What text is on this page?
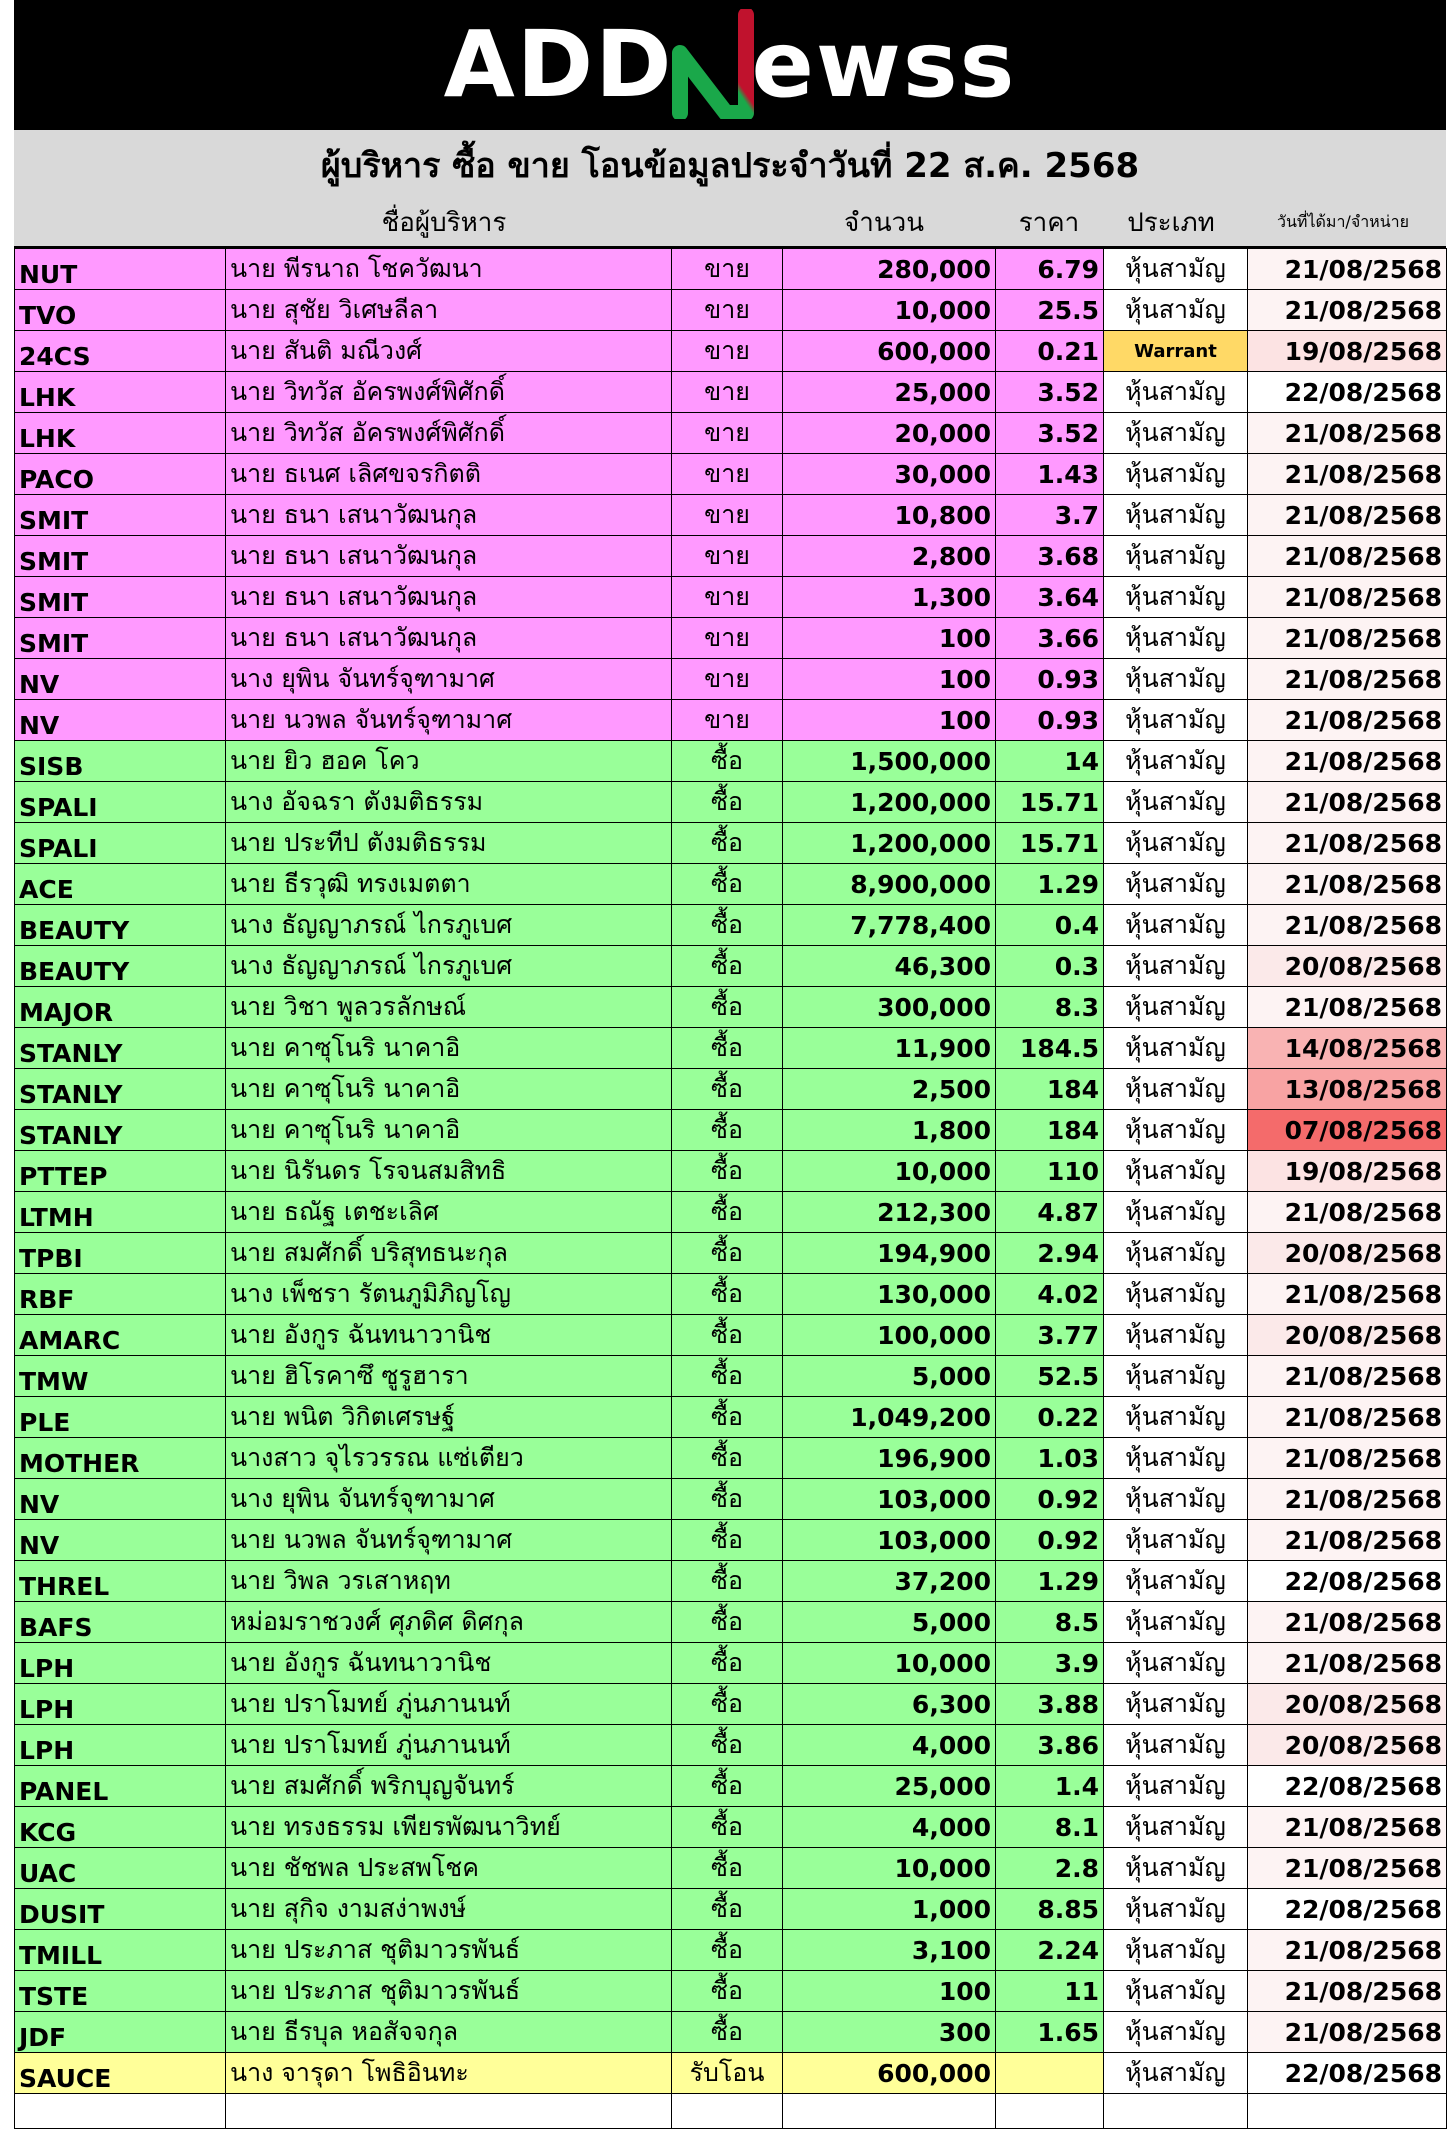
ADD ewss
ผู้บริหาร ซื้อ ขาย โอนข้อมูลประจำวันที่ 22 ส.ค. 2568
ชื่อผู้บริหาร	จำนวน	ราคา	ประเภท	วันที่ได้มา/จำหน่าย
NUT	นาย พีรนาถ โชควัฒนา	ขาย	280,000	6.79	หุ้นสามัญ	21/08/2568
TVO	นาย สุชัย วิเศษลีลา	ขาย	10,000	25.5	หุ้นสามัญ	21/08/2568
24CS	นาย สันติ มณีวงศ์	ขาย	600,000	0.21	Warrant	19/08/2568
LHK	นาย วิทวัส อัครพงศ์พิศักดิ์	ขาย	25,000	3.52	หุ้นสามัญ	22/08/2568
LHK	นาย วิทวัส อัครพงศ์พิศักดิ์	ขาย	20,000	3.52	หุ้นสามัญ	21/08/2568
PACO	นาย ธเนศ เลิศขจรกิตติ	ขาย	30,000	1.43	หุ้นสามัญ	21/08/2568
SMIT	นาย ธนา เสนาวัฒนกุล	ขาย	10,800	3.7	หุ้นสามัญ	21/08/2568
SMIT	นาย ธนา เสนาวัฒนกุล	ขาย	2,800	3.68	หุ้นสามัญ	21/08/2568
SMIT	นาย ธนา เสนาวัฒนกุล	ขาย	1,300	3.64	หุ้นสามัญ	21/08/2568
SMIT	นาย ธนา เสนาวัฒนกุล	ขาย	100	3.66	หุ้นสามัญ	21/08/2568
NV	นาง ยุพิน จันทร์จุฑามาศ	ขาย	100	0.93	หุ้นสามัญ	21/08/2568
NV	นาย นวพล จันทร์จุฑามาศ	ขาย	100	0.93	หุ้นสามัญ	21/08/2568
SISB	นาย ยิว ฮอค โคว	ซื้อ	1,500,000	14	หุ้นสามัญ	21/08/2568
SPALI	นาง อัจฉรา ตังมติธรรม	ซื้อ	1,200,000	15.71	หุ้นสามัญ	21/08/2568
SPALI	นาย ประทีป ตังมติธรรม	ซื้อ	1,200,000	15.71	หุ้นสามัญ	21/08/2568
ACE	นาย ธีรวุฒิ ทรงเมตตา	ซื้อ	8,900,000	1.29	หุ้นสามัญ	21/08/2568
BEAUTY	นาง ธัญญาภรณ์ ไกรภูเบศ	ซื้อ	7,778,400	0.4	หุ้นสามัญ	21/08/2568
BEAUTY	นาง ธัญญาภรณ์ ไกรภูเบศ	ซื้อ	46,300	0.3	หุ้นสามัญ	20/08/2568
MAJOR	นาย วิชา พูลวรลักษณ์	ซื้อ	300,000	8.3	หุ้นสามัญ	21/08/2568
STANLY	นาย คาซุโนริ นาคาอิ	ซื้อ	11,900	184.5	หุ้นสามัญ	14/08/2568
STANLY	นาย คาซุโนริ นาคาอิ	ซื้อ	2,500	184	หุ้นสามัญ	13/08/2568
STANLY	นาย คาซุโนริ นาคาอิ	ซื้อ	1,800	184	หุ้นสามัญ	07/08/2568
PTTEP	นาย นิรันดร โรจนสมสิทธิ	ซื้อ	10,000	110	หุ้นสามัญ	19/08/2568
LTMH	นาย ธณัฐ เตชะเลิศ	ซื้อ	212,300	4.87	หุ้นสามัญ	21/08/2568
TPBI	นาย สมศักดิ์ บริสุทธนะกุล	ซื้อ	194,900	2.94	หุ้นสามัญ	20/08/2568
RBF	นาง เพ็ชรา รัตนภูมิภิญโญ	ซื้อ	130,000	4.02	หุ้นสามัญ	21/08/2568
AMARC	นาย อังกูร ฉันทนาวานิช	ซื้อ	100,000	3.77	หุ้นสามัญ	20/08/2568
TMW	นาย ฮิโรคาซึ ซูรูฮารา	ซื้อ	5,000	52.5	หุ้นสามัญ	21/08/2568
PLE	นาย พนิต วิกิตเศรษฐ์	ซื้อ	1,049,200	0.22	หุ้นสามัญ	21/08/2568
MOTHER	นางสาว จุไรวรรณ แซ่เตียว	ซื้อ	196,900	1.03	หุ้นสามัญ	21/08/2568
NV	นาง ยุพิน จันทร์จุฑามาศ	ซื้อ	103,000	0.92	หุ้นสามัญ	21/08/2568
NV	นาย นวพล จันทร์จุฑามาศ	ซื้อ	103,000	0.92	หุ้นสามัญ	21/08/2568
THREL	นาย วิพล วรเสาหฤท	ซื้อ	37,200	1.29	หุ้นสามัญ	22/08/2568
BAFS	หม่อมราชวงศ์ ศุภดิศ ดิศกุล	ซื้อ	5,000	8.5	หุ้นสามัญ	21/08/2568
LPH	นาย อังกูร ฉันทนาวานิช	ซื้อ	10,000	3.9	หุ้นสามัญ	21/08/2568
LPH	นาย ปราโมทย์ ภู่นภานนท์	ซื้อ	6,300	3.88	หุ้นสามัญ	20/08/2568
LPH	นาย ปราโมทย์ ภู่นภานนท์	ซื้อ	4,000	3.86	หุ้นสามัญ	20/08/2568
PANEL	นาย สมศักดิ์ พริกบุญจันทร์	ซื้อ	25,000	1.4	หุ้นสามัญ	22/08/2568
KCG	นาย ทรงธรรม เพียรพัฒนาวิทย์	ซื้อ	4,000	8.1	หุ้นสามัญ	21/08/2568
UAC	นาย ชัชพล ประสพโชค	ซื้อ	10,000	2.8	หุ้นสามัญ	21/08/2568
DUSIT	นาย สุกิจ งามสง่าพงษ์	ซื้อ	1,000	8.85	หุ้นสามัญ	22/08/2568
TMILL	นาย ประภาส ชุติมาวรพันธ์	ซื้อ	3,100	2.24	หุ้นสามัญ	21/08/2568
TSTE	นาย ประภาส ชุติมาวรพันธ์	ซื้อ	100	11	หุ้นสามัญ	21/08/2568
JDF	นาย ธีรบุล หอสัจจกุล	ซื้อ	300	1.65	หุ้นสามัญ	21/08/2568
SAUCE	นาง จารุดา โพธิอินทะ	รับโอน	600,000		หุ้นสามัญ	22/08/2568
